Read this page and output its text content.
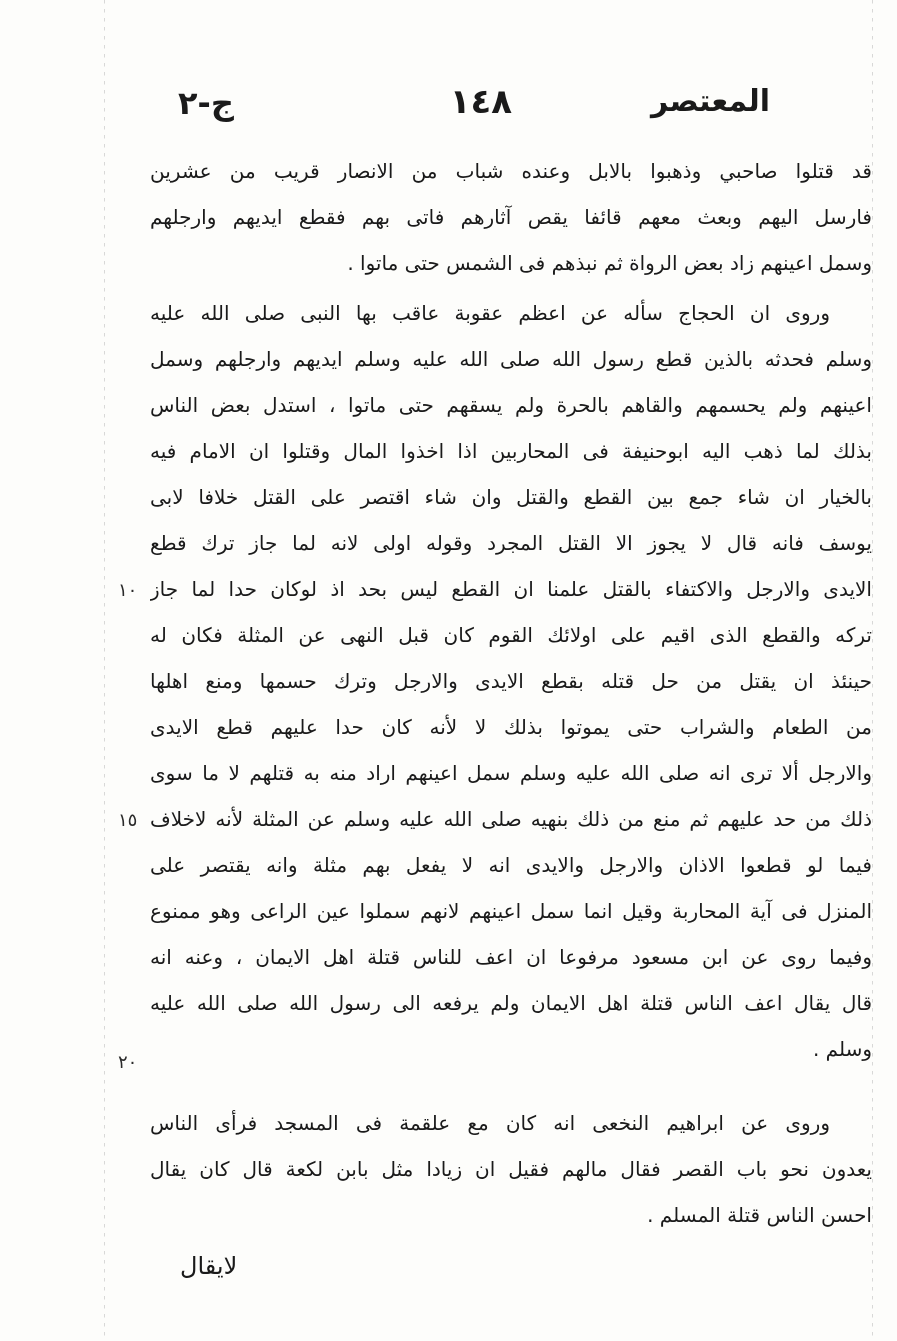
المعتصر
١٤٨
ج-٢
قد قتلوا صاحبي وذهبوا بالابل وعنده شباب من الانصار قريب من عشرين
فارسل اليهم وبعث معهم قائفا يقص آثارهم فاتى بهم فقطع ايديهم وارجلهم
وسمل اعينهم زاد بعض الرواة ثم نبذهم فى الشمس حتى ماتوا .
وروى ان الحجاج سأله عن اعظم عقوبة عاقب بها النبى صلى الله عليه
وسلم فحدثه بالذين قطع رسول الله صلى الله عليه وسلم ايديهم وارجلهم وسمل
اعينهم ولم يحسمهم والقاهم بالحرة ولم يسقهم حتى ماتوا ، استدل بعض الناس
بذلك لما ذهب اليه ابوحنيفة فى المحاربين اذا اخذوا المال وقتلوا ان الامام فيه
بالخيار ان شاء جمع بين القطع والقتل وان شاء اقتصر على القتل خلافا لابى
يوسف فانه قال لا يجوز الا القتل المجرد وقوله اولى لانه لما جاز ترك قطع
الايدى والارجل والاكتفاء بالقتل علمنا ان القطع ليس بحد اذ لوكان حدا لما جاز
تركه والقطع الذى اقيم على اولائك القوم كان قبل النهى عن المثلة فكان له
حينئذ ان يقتل من حل قتله بقطع الايدى والارجل وترك حسمها ومنع اهلها
من الطعام والشراب حتى يموتوا بذلك لا لأنه كان حدا عليهم قطع الايدى
والارجل ألا ترى انه صلى الله عليه وسلم سمل اعينهم اراد منه به قتلهم لا ما سوى
ذلك من حد عليهم ثم منع من ذلك بنهيه صلى الله عليه وسلم عن المثلة لأنه لاخلاف
فيما لو قطعوا الاذان والارجل والايدى انه لا يفعل بهم مثلة وانه يقتصر على
المنزل فى آية المحاربة وقيل انما سمل اعينهم لانهم سملوا عين الراعى وهو ممنوع
وفيما روى عن ابن مسعود مرفوعا ان اعف للناس قتلة اهل الايمان ، وعنه انه
قال يقال اعف الناس قتلة اهل الايمان ولم يرفعه الى رسول الله صلى الله عليه
وسلم .
وروى عن ابراهيم النخعى انه كان مع علقمة فى المسجد فرأى الناس
يعدون نحو باب القصر فقال مالهم فقيل ان زيادا مثل بابن لكعة قال كان يقال
احسن الناس قتلة المسلم .
١٠
١٥
٢٠
لايقال
